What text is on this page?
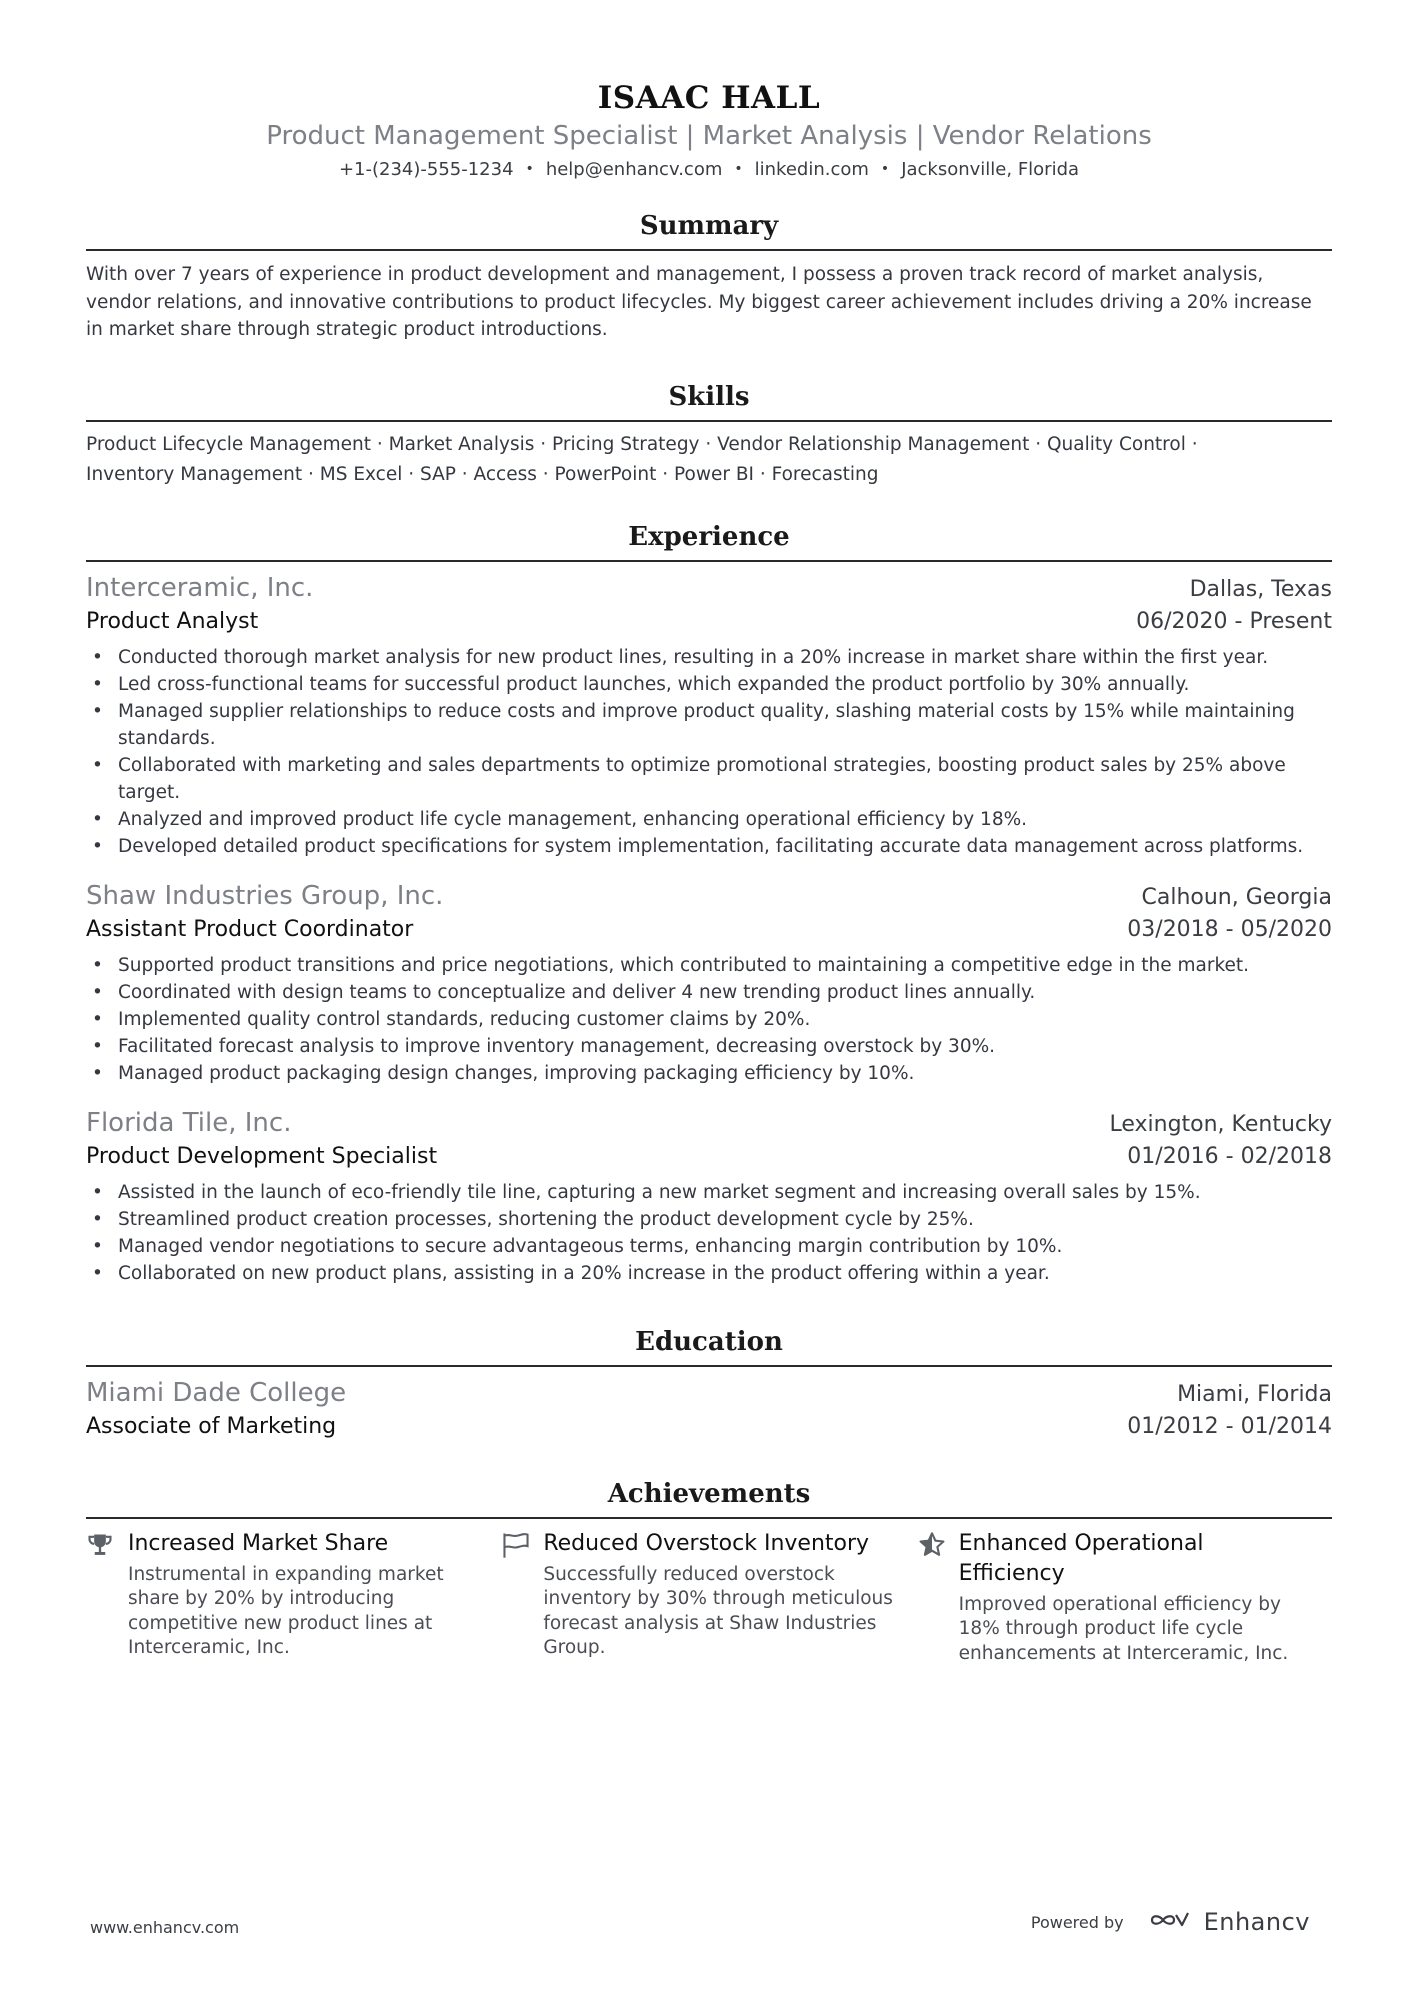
ISAAC HALL
Product Management Specialist | Market Analysis | Vendor Relations
+1-(234)-555-1234 • help@enhancv.com • linkedin.com • Jacksonville, Florida
Summary
With over 7 years of experience in product development and management, I possess a proven track record of market analysis, vendor relations, and innovative contributions to product lifecycles. My biggest career achievement includes driving a 20% increase in market share through strategic product introductions.
Skills
Product Lifecycle Management · Market Analysis · Pricing Strategy · Vendor Relationship Management · Quality Control ·
Inventory Management · MS Excel · SAP · Access · PowerPoint · Power BI · Forecasting
Experience
Interceramic, Inc.	Dallas, Texas
Product Analyst	06/2020 - Present
• Conducted thorough market analysis for new product lines, resulting in a 20% increase in market share within the first year.
• Led cross-functional teams for successful product launches, which expanded the product portfolio by 30% annually.
• Managed supplier relationships to reduce costs and improve product quality, slashing material costs by 15% while maintaining standards.
• Collaborated with marketing and sales departments to optimize promotional strategies, boosting product sales by 25% above target.
• Analyzed and improved product life cycle management, enhancing operational efficiency by 18%.
• Developed detailed product specifications for system implementation, facilitating accurate data management across platforms.
Shaw Industries Group, Inc.	Calhoun, Georgia
Assistant Product Coordinator	03/2018 - 05/2020
• Supported product transitions and price negotiations, which contributed to maintaining a competitive edge in the market.
• Coordinated with design teams to conceptualize and deliver 4 new trending product lines annually.
• Implemented quality control standards, reducing customer claims by 20%.
• Facilitated forecast analysis to improve inventory management, decreasing overstock by 30%.
• Managed product packaging design changes, improving packaging efficiency by 10%.
Florida Tile, Inc.	Lexington, Kentucky
Product Development Specialist	01/2016 - 02/2018
• Assisted in the launch of eco-friendly tile line, capturing a new market segment and increasing overall sales by 15%.
• Streamlined product creation processes, shortening the product development cycle by 25%.
• Managed vendor negotiations to secure advantageous terms, enhancing margin contribution by 10%.
• Collaborated on new product plans, assisting in a 20% increase in the product offering within a year.
Education
Miami Dade College	Miami, Florida
Associate of Marketing	01/2012 - 01/2014
Achievements
Increased Market Share
Instrumental in expanding market share by 20% by introducing competitive new product lines at Interceramic, Inc.
Reduced Overstock Inventory
Successfully reduced overstock inventory by 30% through meticulous forecast analysis at Shaw Industries Group.
Enhanced Operational Efficiency
Improved operational efficiency by 18% through product life cycle enhancements at Interceramic, Inc.
www.enhancv.com	Powered by	Enhancv
